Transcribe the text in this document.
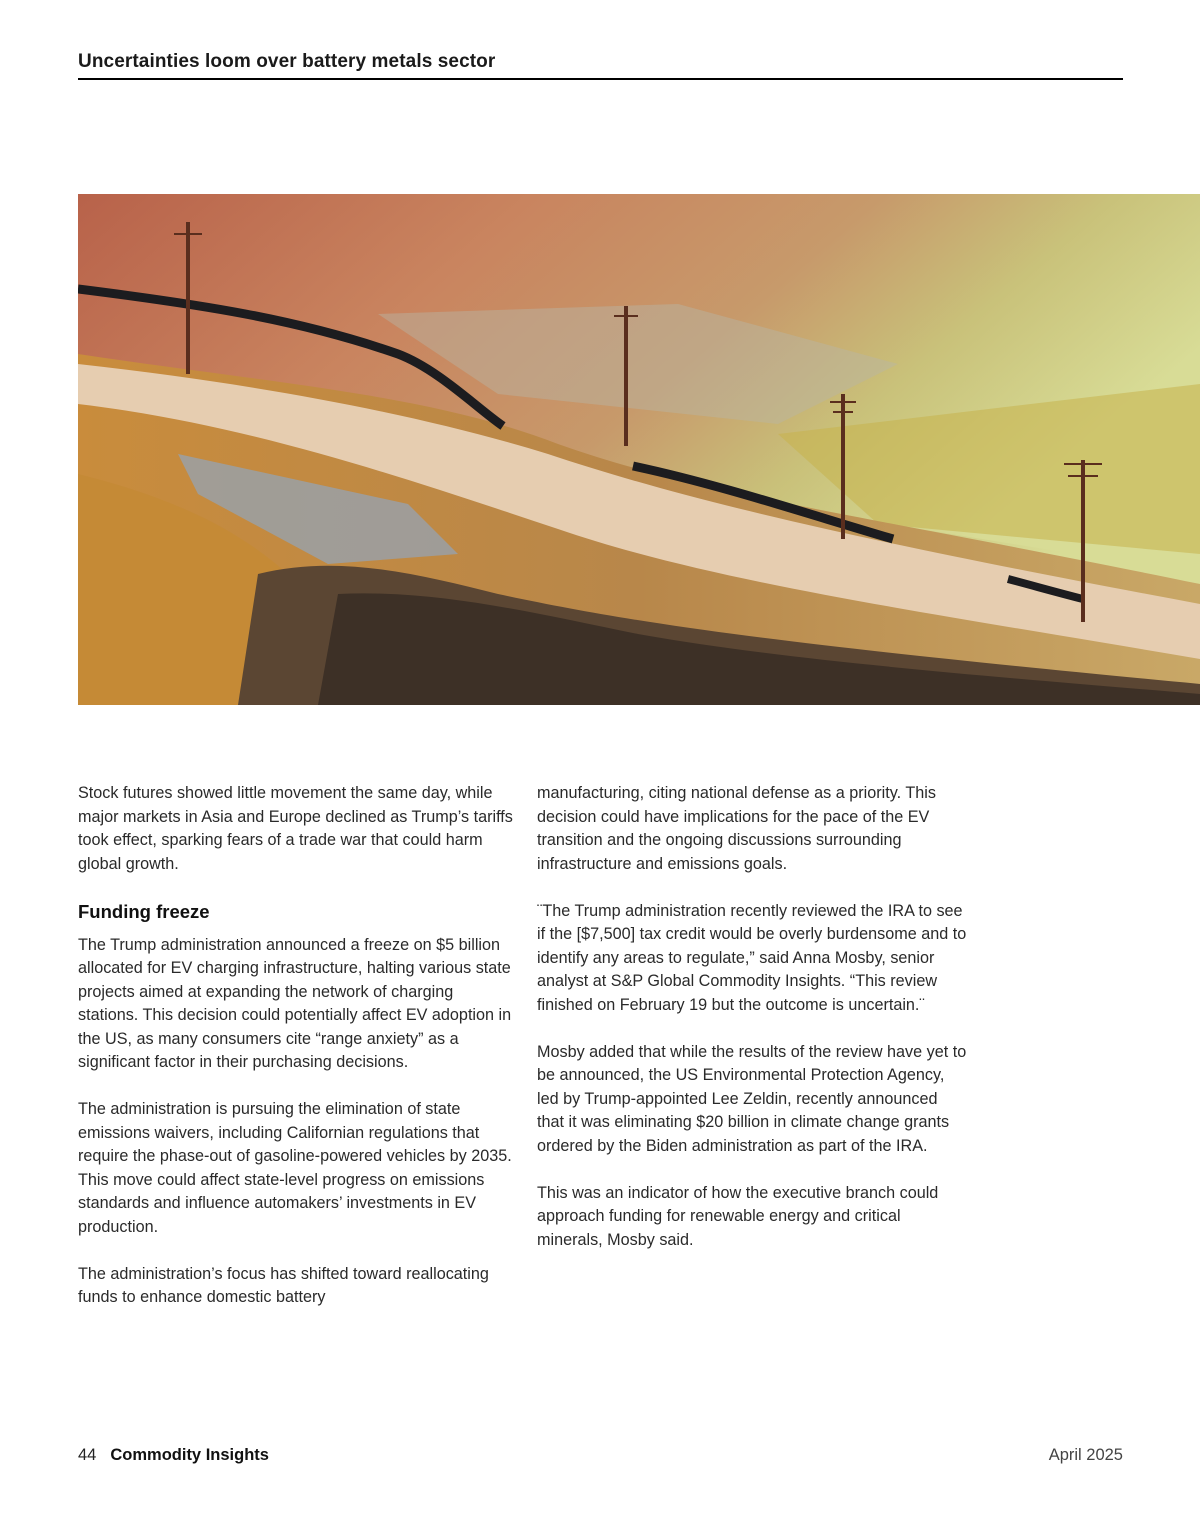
Uncertainties loom over battery metals sector

Stock futures showed little movement the same day, while major markets in Asia and Europe declined as Trump’s tariffs took effect, sparking fears of a trade war that could harm global growth.

Funding freeze

The Trump administration announced a freeze on $5 billion allocated for EV charging infrastructure, halting various state projects aimed at expanding the network of charging stations. This decision could potentially affect EV adoption in the US, as many consumers cite “range anxiety” as a significant factor in their purchasing decisions.

The administration is pursuing the elimination of state emissions waivers, including Californian regulations that require the phase-out of gasoline-powered vehicles by 2035. This move could affect state-level progress on emissions standards and influence automakers’ investments in EV production.

The administration’s focus has shifted toward reallocating funds to enhance domestic battery

manufacturing, citing national defense as a priority. This decision could have implications for the pace of the EV transition and the ongoing discussions surrounding infrastructure and emissions goals.

¨The Trump administration recently reviewed the IRA to see if the [$7,500] tax credit would be overly burdensome and to identify any areas to regulate,” said Anna Mosby, senior analyst at S&P Global Commodity Insights. “This review finished on February 19 but the outcome is uncertain.¨

Mosby added that while the results of the review have yet to be announced, the US Environmental Protection Agency, led by Trump-appointed Lee Zeldin, recently announced that it was eliminating $20 billion in climate change grants ordered by the Biden administration as part of the IRA.

This was an indicator of how the executive branch could approach funding for renewable energy and critical minerals, Mosby said.

44 Commodity Insights	April 2025
